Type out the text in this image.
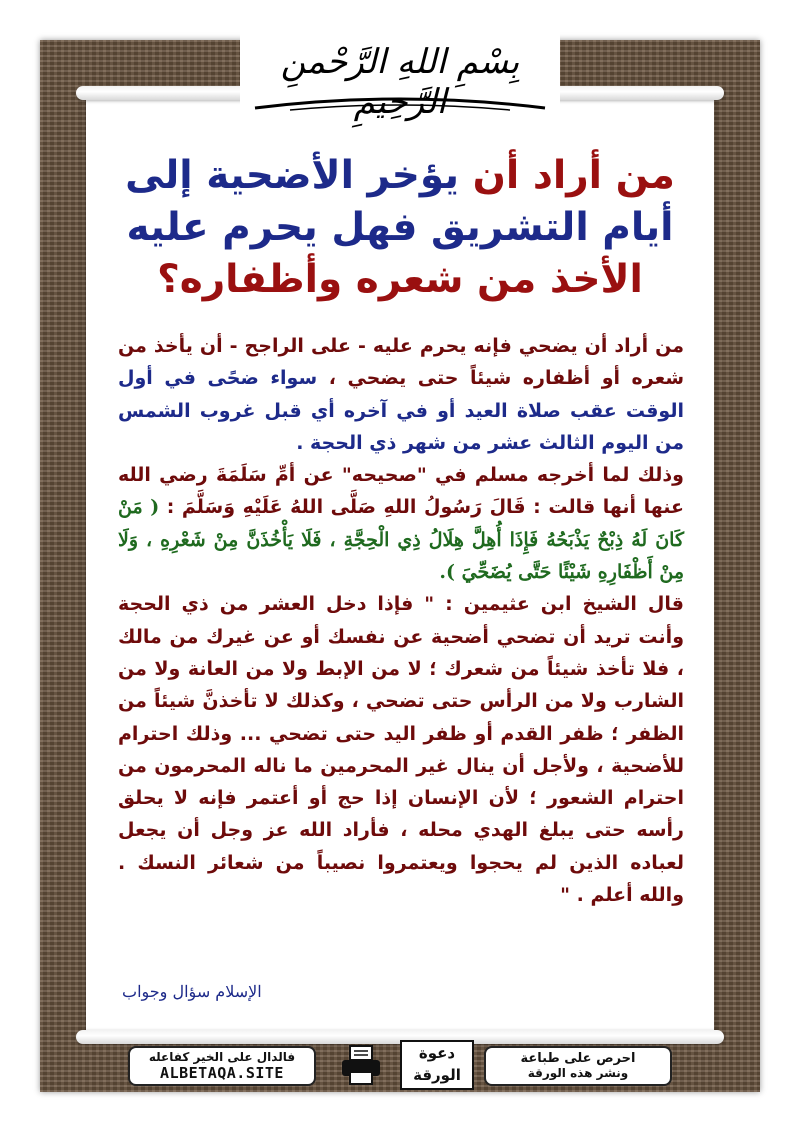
بِسْمِ اللهِ الرَّحْمنِ الرَّحِيمِ
من أراد أن يؤخر الأضحية إلى
أيام التشريق فهل يحرم عليه
الأخذ من شعره وأظفاره؟

من أراد أن يضحي فإنه يحرم عليه - على الراجح - أن يأخذ من شعره أو أظفاره شيئاً حتى يضحي ، سواء ضحًى في أول الوقت عقب صلاة العيد أو في آخره أي قبل غروب الشمس من اليوم الثالث عشر من شهر ذي الحجة .

وذلك لما أخرجه مسلم في "صحيحه" عن أمِّ سَلَمَةَ رضي الله عنها أنها قالت : قَالَ رَسُولُ اللهِ صَلَّى اللهُ عَلَيْهِ وَسَلَّمَ : ( مَنْ كَانَ لَهُ ذِبْحٌ يَذْبَحُهُ فَإِذَا أُهِلَّ هِلَالُ ذِي الْحِجَّةِ ، فَلَا يَأْخُذَنَّ مِنْ شَعْرِهِ ، وَلَا مِنْ أَظْفَارِهِ شَيْئًا حَتَّى يُضَحِّيَ ).

قال الشيخ ابن عثيمين : " فإذا دخل العشر من ذي الحجة وأنت تريد أن تضحي أضحية عن نفسك أو عن غيرك من مالك ، فلا تأخذ شيئاً من شعرك ؛ لا من الإبط ولا من العانة ولا من الشارب ولا من الرأس حتى تضحي ، وكذلك لا تأخذنَّ شيئاً من الظفر ؛ ظفر القدم أو ظفر اليد حتى تضحي ... وذلك احترام للأضحية ، ولأجل أن ينال غير المحرمين ما ناله المحرمون من احترام الشعور ؛ لأن الإنسان إذا حج أو أعتمر فإنه لا يحلق رأسه حتى يبلغ الهدي محله ، فأراد الله عز وجل أن يجعل لعباده الذين لم يحجوا ويعتمروا نصيباً من شعائر النسك . والله أعلم . "

الإسلام سؤال وجواب
احرص على طباعة
ونشر هذه الورقة
دعوة
الورقة
فالدال على الخير كفاعله
ALBETAQA.SITE
